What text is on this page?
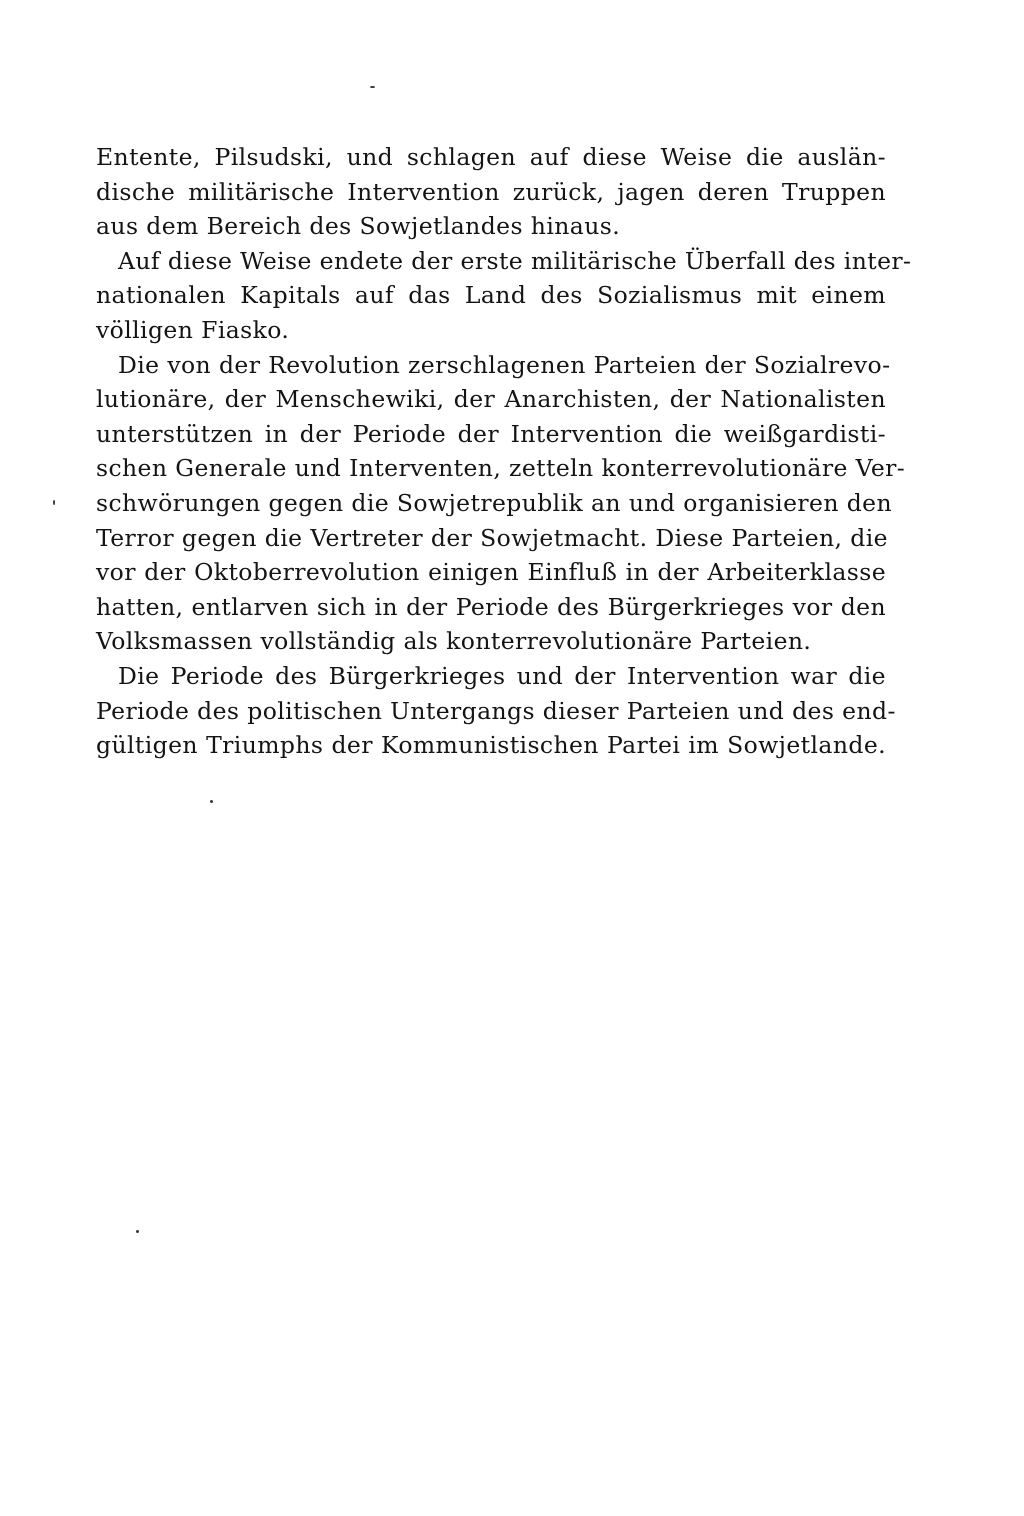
Entente, Pilsudski, und schlagen auf diese Weise die auslän-
dische militärische Intervention zurück, jagen deren Truppen
aus dem Bereich des Sowjetlandes hinaus.
Auf diese Weise endete der erste militärische Überfall des inter-
nationalen Kapitals auf das Land des Sozialismus mit einem
völligen Fiasko.
Die von der Revolution zerschlagenen Parteien der Sozialrevo-
lutionäre, der Menschewiki, der Anarchisten, der Nationalisten
unterstützen in der Periode der Intervention die weißgardisti-
schen Generale und Interventen, zetteln konterrevolutionäre Ver-
schwörungen gegen die Sowjetrepublik an und organisieren den
Terror gegen die Vertreter der Sowjetmacht. Diese Parteien, die
vor der Oktoberrevolution einigen Einfluß in der Arbeiterklasse
hatten, entlarven sich in der Periode des Bürgerkrieges vor den
Volksmassen vollständig als konterrevolutionäre Parteien.
Die Periode des Bürgerkrieges und der Intervention war die
Periode des politischen Untergangs dieser Parteien und des end-
gültigen Triumphs der Kommunistischen Partei im Sowjetlande.
